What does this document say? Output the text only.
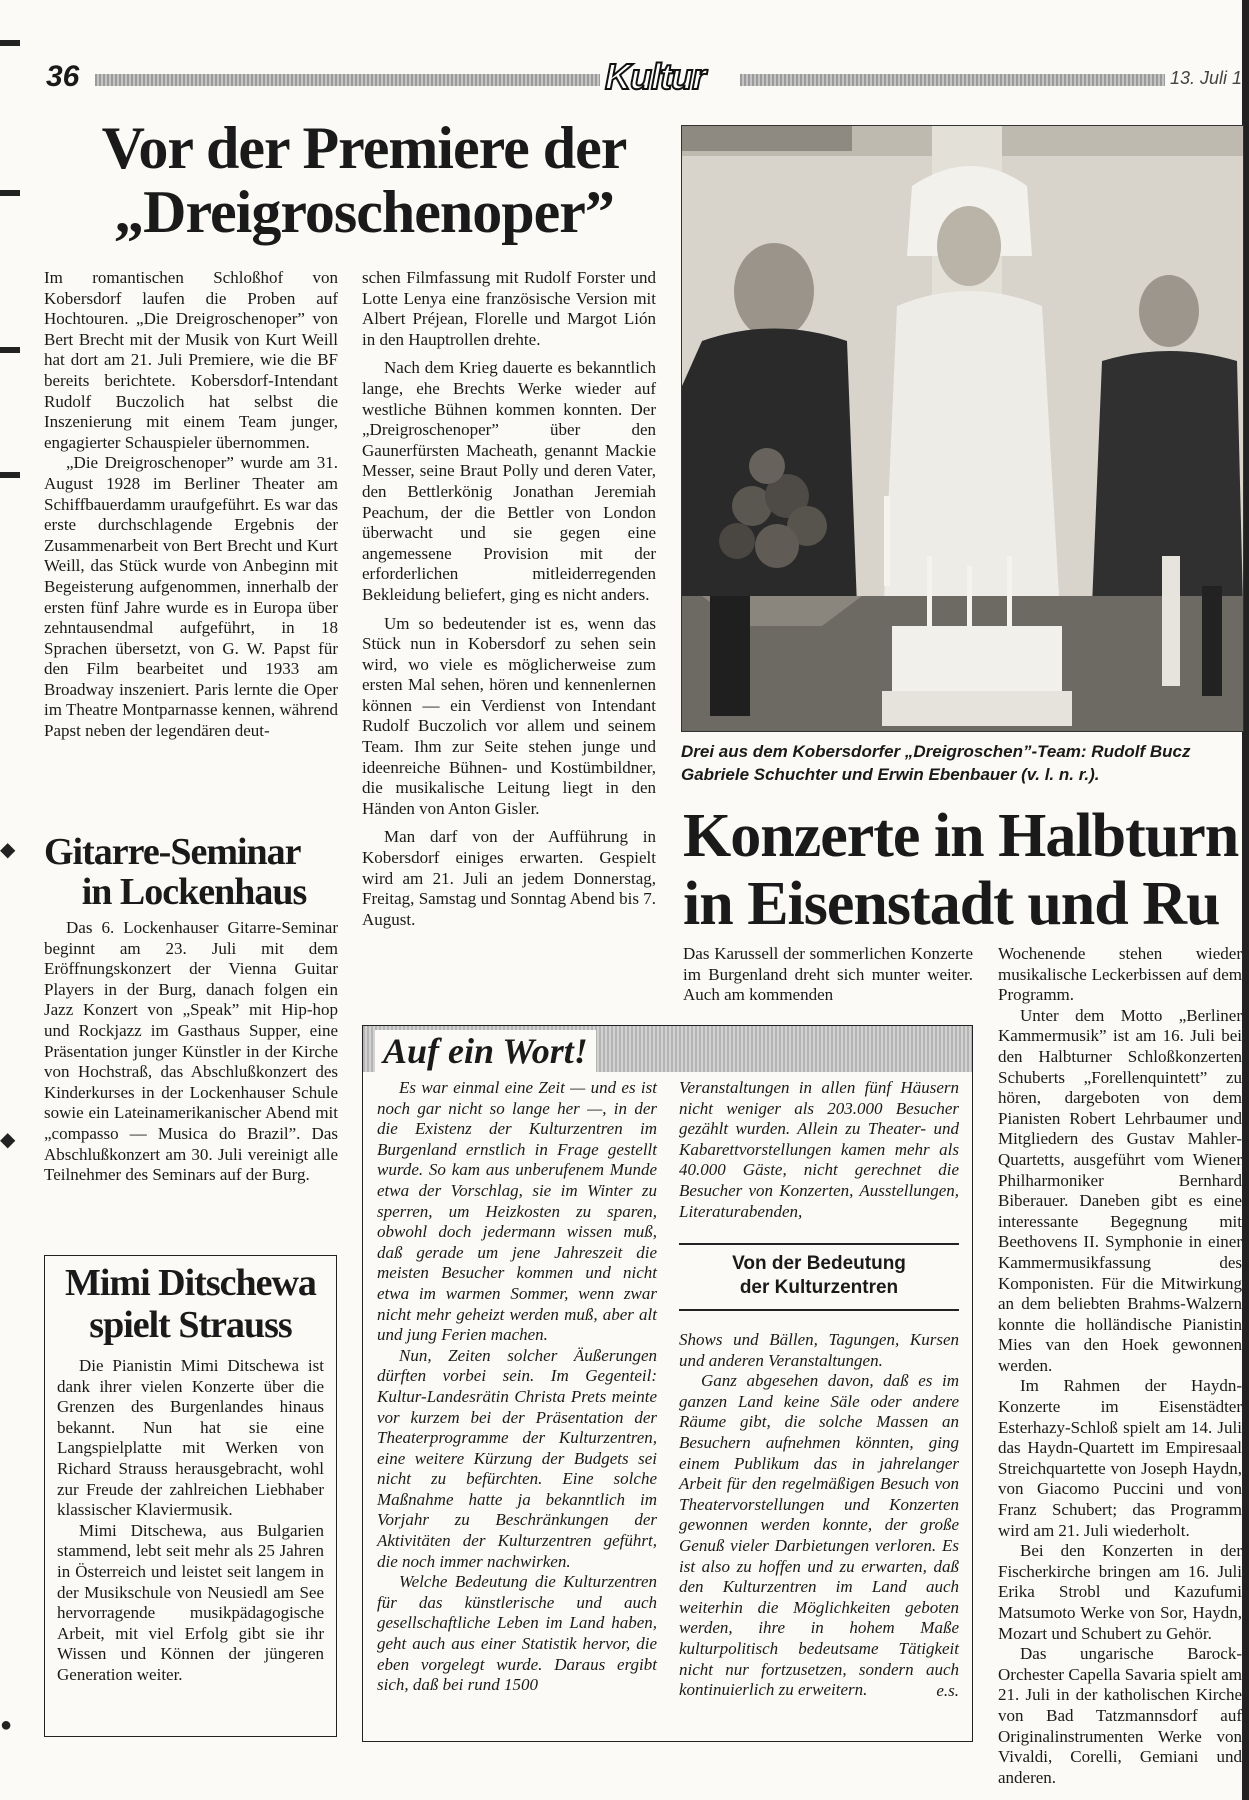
▬
▬
▬
▬
◆
◆
●
36	Kultur	13. Juli 1
Vor der Premiere der
„Dreigroschenoper”

Im romantischen Schloßhof von Kobersdorf laufen die Proben auf Hochtouren. „Die Dreigroschenoper” von Bert Brecht mit der Musik von Kurt Weill hat dort am 21. Juli Premiere, wie die BF bereits berichtete. Kobersdorf-Intendant Rudolf Buczolich hat selbst die Inszenierung mit einem Team junger, engagierter Schauspieler übernommen.

„Die Dreigroschenoper” wurde am 31. August 1928 im Berliner Theater am Schiffbauerdamm uraufgeführt. Es war das erste durchschlagende Ergebnis der Zusammenarbeit von Bert Brecht und Kurt Weill, das Stück wurde von Anbeginn mit Begeisterung aufgenommen, innerhalb der ersten fünf Jahre wurde es in Europa über zehntausendmal aufgeführt, in 18 Sprachen übersetzt, von G. W. Papst für den Film bearbeitet und 1933 am Broadway inszeniert. Paris lernte die Oper im Theatre Montparnasse kennen, während Papst neben der legendären deut-

schen Filmfassung mit Rudolf Forster und Lotte Lenya eine französische Version mit Albert Préjean, Florelle und Margot Lión in den Hauptrollen drehte.

Nach dem Krieg dauerte es bekanntlich lange, ehe Brechts Werke wieder auf westliche Bühnen kommen konnten. Der „Dreigroschenoper” über den Gaunerfürsten Macheath, genannt Mackie Messer, seine Braut Polly und deren Vater, den Bettlerkönig Jonathan Jeremiah Peachum, der die Bettler von London überwacht und sie gegen eine angemessene Provision mit der erforderlichen mitleiderregenden Bekleidung beliefert, ging es nicht anders.

Um so bedeutender ist es, wenn das Stück nun in Kobersdorf zu sehen sein wird, wo viele es möglicherweise zum ersten Mal sehen, hören und kennenlernen können — ein Verdienst von Intendant Rudolf Buczolich vor allem und seinem Team. Ihm zur Seite stehen junge und ideenreiche Bühnen- und Kostümbildner, die musikalische Leitung liegt in den Händen von Anton Gisler.

Man darf von der Aufführung in Kobersdorf einiges erwarten. Gespielt wird am 21. Juli an jedem Donnerstag, Freitag, Samstag und Sonntag Abend bis 7. August.

Drei aus dem Kobersdorfer „Dreigroschen”-Team: Rudolf Bucz
Gabriele Schuchter und Erwin Ebenbauer (v. l. n. r.).
Gitarre-Seminar
in Lockenhaus

Das 6. Lockenhauser Gitarre-Seminar beginnt am 23. Juli mit dem Eröffnungskonzert der Vienna Guitar Players in der Burg, danach folgen ein Jazz Konzert von „Speak” mit Hip-hop und Rockjazz im Gasthaus Supper, eine Präsentation junger Künstler in der Kirche von Hochstraß, das Abschlußkonzert des Kinderkurses in der Lockenhauser Schule sowie ein Lateinamerikanischer Abend mit „compasso — Musica do Brazil”. Das Abschlußkonzert am 30. Juli vereinigt alle Teilnehmer des Seminars auf der Burg.

Mimi Ditschewa
spielt Strauss

Die Pianistin Mimi Ditschewa ist dank ihrer vielen Konzerte über die Grenzen des Burgenlandes hinaus bekannt. Nun hat sie eine Langspielplatte mit Werken von Richard Strauss herausgebracht, wohl zur Freude der zahlreichen Liebhaber klassischer Klaviermusik.

Mimi Ditschewa, aus Bulgarien stammend, lebt seit mehr als 25 Jahren in Österreich und leistet seit langem in der Musikschule von Neusiedl am See hervorragende musikpädagogische Arbeit, mit viel Erfolg gibt sie ihr Wissen und Können der jüngeren Generation weiter.

Konzerte in Halbturn
in Eisenstadt und Ru

Das Karussell der sommerlichen Konzerte im Burgenland dreht sich munter weiter. Auch am kommenden

Wochenende stehen wieder musikalische Leckerbissen auf dem Programm.

Unter dem Motto „Berliner Kammermusik” ist am 16. Juli bei den Halbturner Schloßkonzerten Schuberts „Forellenquintett” zu hören, dargeboten von dem Pianisten Robert Lehrbaumer und Mitgliedern des Gustav Mahler-Quartetts, ausgeführt vom Wiener Philharmoniker Bernhard Biberauer. Daneben gibt es eine interessante Begegnung mit Beethovens II. Symphonie in einer Kammermusikfassung des Komponisten. Für die Mitwirkung an dem beliebten Brahms-Walzern konnte die holländische Pianistin Mies van den Hoek gewonnen werden.

Im Rahmen der Haydn-Konzerte im Eisenstädter Esterhazy-Schloß spielt am 14. Juli das Haydn-Quartett im Empiresaal Streichquartette von Joseph Haydn, von Giacomo Puccini und von Franz Schubert; das Programm wird am 21. Juli wiederholt.

Bei den Konzerten in der Fischerkirche bringen am 16. Juli Erika Strobl und Kazufumi Matsumoto Werke von Sor, Haydn, Mozart und Schubert zu Gehör.

Das ungarische Barock-Orchester Capella Savaria spielt am 21. Juli in der katholischen Kirche von Bad Tatzmannsdorf auf Originalinstrumenten Werke von Vivaldi, Corelli, Gemiani und anderen.

Auf ein Wort!

Es war einmal eine Zeit — und es ist noch gar nicht so lange her —, in der die Existenz der Kulturzentren im Burgenland ernstlich in Frage gestellt wurde. So kam aus unberufenem Munde etwa der Vorschlag, sie im Winter zu sperren, um Heizkosten zu sparen, obwohl doch jedermann wissen muß, daß gerade um jene Jahreszeit die meisten Besucher kommen und nicht etwa im warmen Sommer, wenn zwar nicht mehr geheizt werden muß, aber alt und jung Ferien machen.

Nun, Zeiten solcher Äußerungen dürften vorbei sein. Im Gegenteil: Kultur-Landesrätin Christa Prets meinte vor kurzem bei der Präsentation der Theaterprogramme der Kulturzentren, eine weitere Kürzung der Budgets sei nicht zu befürchten. Eine solche Maßnahme hatte ja bekanntlich im Vorjahr zu Beschränkungen der Aktivitäten der Kulturzentren geführt, die noch immer nachwirken.

Welche Bedeutung die Kulturzentren für das künstlerische und auch gesellschaftliche Leben im Land haben, geht auch aus einer Statistik hervor, die eben vorgelegt wurde. Daraus ergibt sich, daß bei rund 1500

Veranstaltungen in allen fünf Häusern nicht weniger als 203.000 Besucher gezählt wurden. Allein zu Theater- und Kabarettvorstellungen kamen mehr als 40.000 Gäste, nicht gerechnet die Besucher von Konzerten, Ausstellungen, Literaturabenden,

Von der Bedeutung
der Kulturzentren

Shows und Bällen, Tagungen, Kursen und anderen Veranstaltungen.

Ganz abgesehen davon, daß es im ganzen Land keine Säle oder andere Räume gibt, die solche Massen an Besuchern aufnehmen könnten, ging einem Publikum das in jahrelanger Arbeit für den regelmäßigen Besuch von Theatervorstellungen und Konzerten gewonnen werden konnte, der große Genuß vieler Darbietungen verloren. Es ist also zu hoffen und zu erwarten, daß den Kulturzentren im Land auch weiterhin die Möglichkeiten geboten werden, ihre in hohem Maße kulturpolitisch bedeutsame Tätigkeit nicht nur fortzusetzen, sondern auch kontinuierlich zu erweitern.	e.s.
